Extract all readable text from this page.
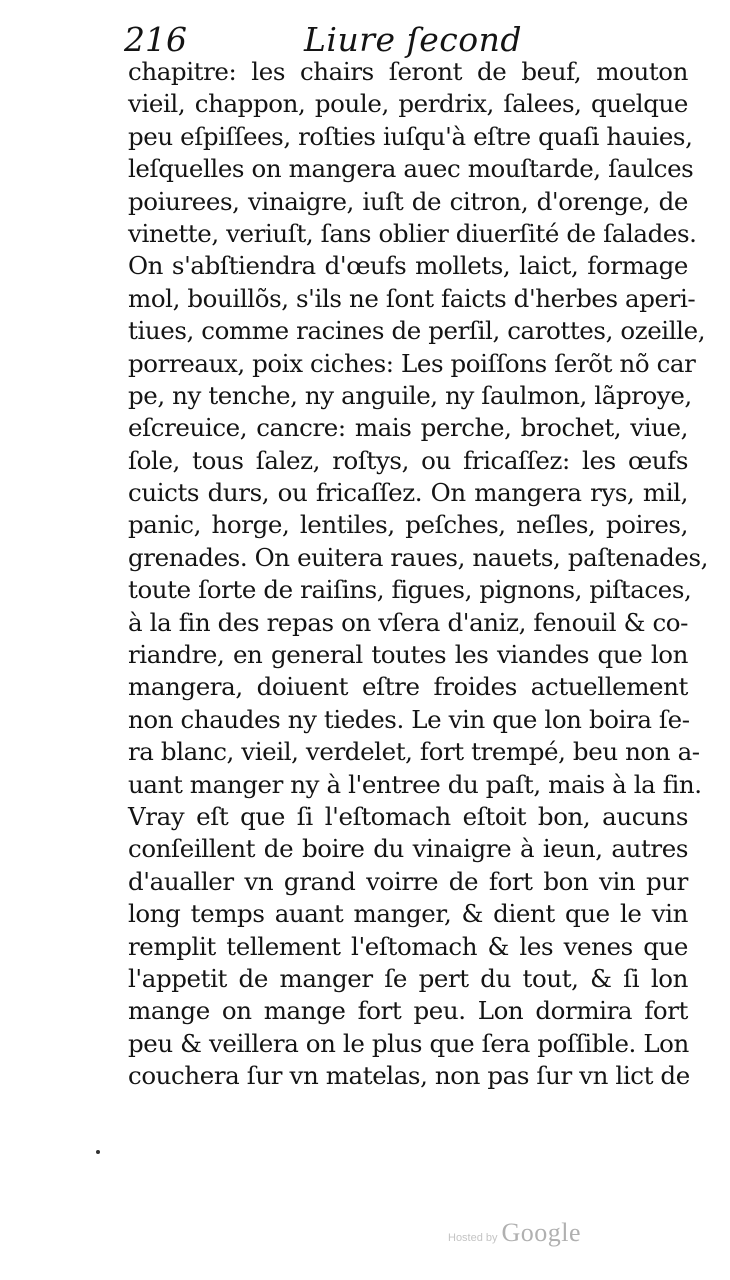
216	Liure ſecond
chapitre: les chairs ſeront de beuf, mouton
vieil, chappon, poule, perdrix, ſalees, quelque
peu eſpiſſees, roſties iuſqu'à eſtre quaſi hauies,
leſquelles on mangera auec mouſtarde, ſaulces
poiurees, vinaigre, iuſt de citron, d'orenge, de
vinette, veriuſt, ſans oblier diuerſité de ſalades.
On s'abſtiendra d'œufs mollets, laict, formage
mol, bouillõs, s'ils ne ſont faicts d'herbes aperi-
tiues, comme racines de perſil, carottes, ozeille,
porreaux, poix ciches: Les poiſſons ſerõt nõ car
pe, ny tenche, ny anguile, ny ſaulmon, lãproye,
eſcreuice, cancre: mais perche, brochet, viue,
ſole, tous ſalez, roſtys, ou fricaſſez: les œufs
cuicts durs, ou fricaſſez. On mangera rys, mil,
panic, horge, lentiles, peſches, neſles, poires,
grenades. On euitera raues, nauets, paſtenades,
toute ſorte de raiſins, figues, pignons, piſtaces,
à la fin des repas on vſera d'aniz, fenouil & co-
riandre, en general toutes les viandes que lon
mangera, doiuent eſtre froides actuellement
non chaudes ny tiedes. Le vin que lon boira ſe-
ra blanc, vieil, verdelet, fort trempé, beu non a-
uant manger ny à l'entree du paſt, mais à la fin.
Vray eſt que ſi l'eſtomach eſtoit bon, aucuns
conſeillent de boire du vinaigre à ieun, autres
d'aualler vn grand voirre de fort bon vin pur
long temps auant manger, & dient que le vin
remplit tellement l'eſtomach & les venes que
l'appetit de manger ſe pert du tout, & ſi lon
mange on mange fort peu. Lon dormira fort
peu & veillera on le plus que ſera poſſible. Lon
couchera ſur vn matelas, non pas ſur vn lict de
Hosted by Google
